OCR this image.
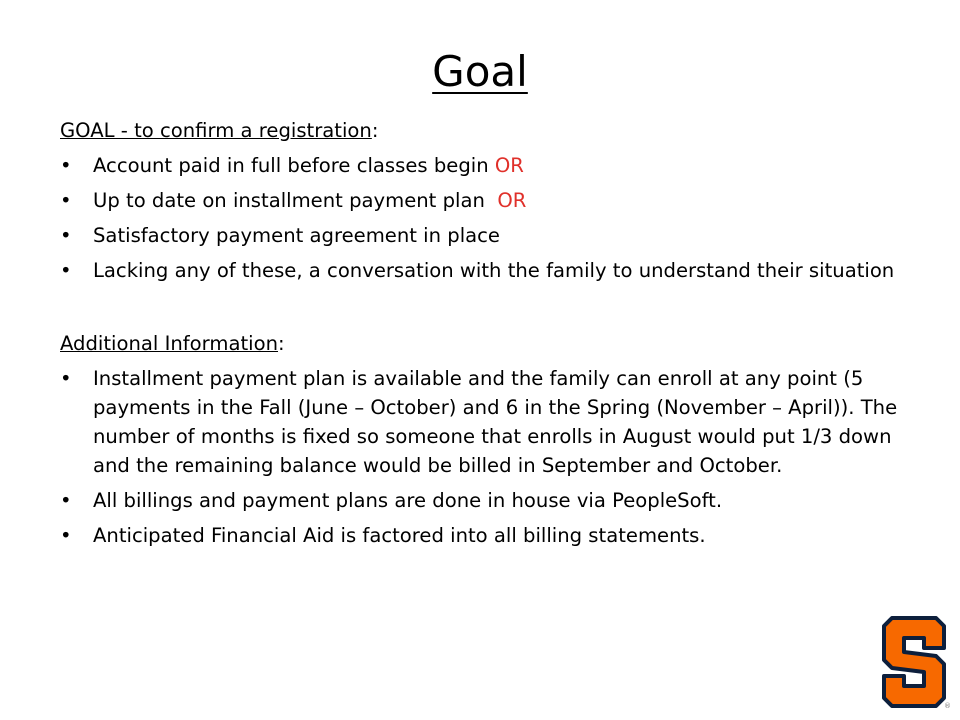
Goal
GOAL - to confirm a registration:
• Account paid in full before classes begin OR
• Up to date on installment payment plan  OR
• Satisfactory payment agreement in place
• Lacking any of these, a conversation with the family to understand their situation
Additional Information:
• Installment payment plan is available and the family can enroll at any point (5 payments in the Fall (June – October) and 6 in the Spring (November – April)). The number of months is fixed so someone that enrolls in August would put 1/3 down and the remaining balance would be billed in September and October.
• All billings and payment plans are done in house via PeopleSoft.
• Anticipated Financial Aid is factored into all billing statements.
®
